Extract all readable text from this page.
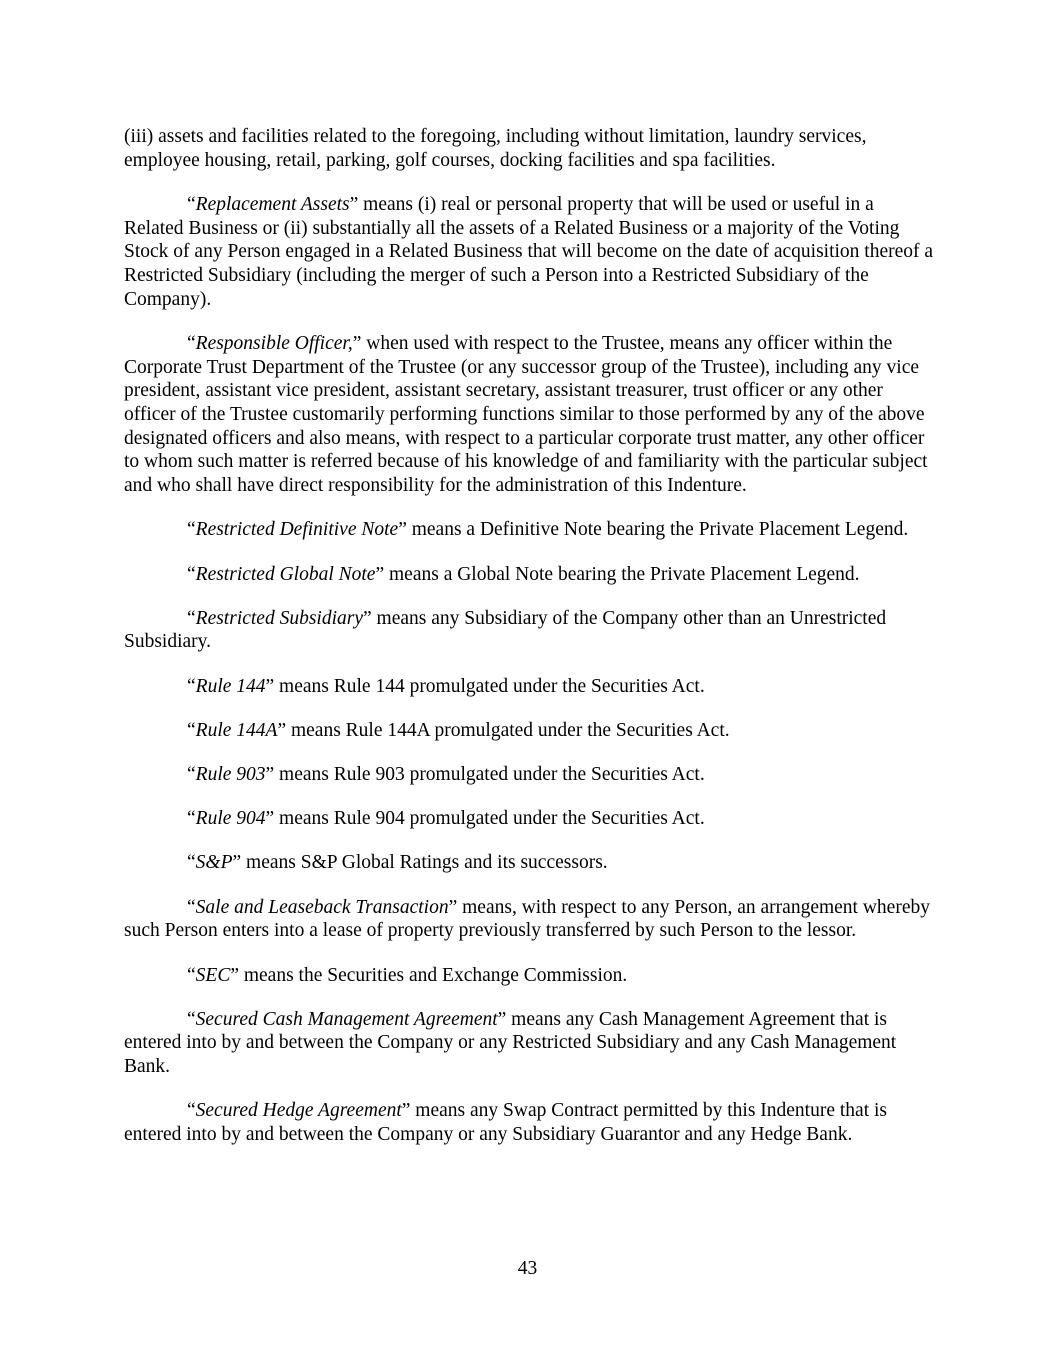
(iii) assets and facilities related to the foregoing, including without limitation, laundry services, employee housing, retail, parking, golf courses, docking facilities and spa facilities.

“Replacement Assets” means (i) real or personal property that will be used or useful in a Related Business or (ii) substantially all the assets of a Related Business or a majority of the Voting Stock of any Person engaged in a Related Business that will become on the date of acquisition thereof a Restricted Subsidiary (including the merger of such a Person into a Restricted Subsidiary of the Company).

“Responsible Officer,” when used with respect to the Trustee, means any officer within the Corporate Trust Department of the Trustee (or any successor group of the Trustee), including any vice president, assistant vice president, assistant secretary, assistant treasurer, trust officer or any other officer of the Trustee customarily performing functions similar to those performed by any of the above designated officers and also means, with respect to a particular corporate trust matter, any other officer to whom such matter is referred because of his knowledge of and familiarity with the particular subject and who shall have direct responsibility for the administration of this Indenture.

“Restricted Definitive Note” means a Definitive Note bearing the Private Placement Legend.

“Restricted Global Note” means a Global Note bearing the Private Placement Legend.

“Restricted Subsidiary” means any Subsidiary of the Company other than an Unrestricted Subsidiary.

“Rule 144” means Rule 144 promulgated under the Securities Act.

“Rule 144A” means Rule 144A promulgated under the Securities Act.

“Rule 903” means Rule 903 promulgated under the Securities Act.

“Rule 904” means Rule 904 promulgated under the Securities Act.

“S&P” means S&P Global Ratings and its successors.

“Sale and Leaseback Transaction” means, with respect to any Person, an arrangement whereby such Person enters into a lease of property previously transferred by such Person to the lessor.

“SEC” means the Securities and Exchange Commission.

“Secured Cash Management Agreement” means any Cash Management Agreement that is entered into by and between the Company or any Restricted Subsidiary and any Cash Management Bank.

“Secured Hedge Agreement” means any Swap Contract permitted by this Indenture that is entered into by and between the Company or any Subsidiary Guarantor and any Hedge Bank.

43
